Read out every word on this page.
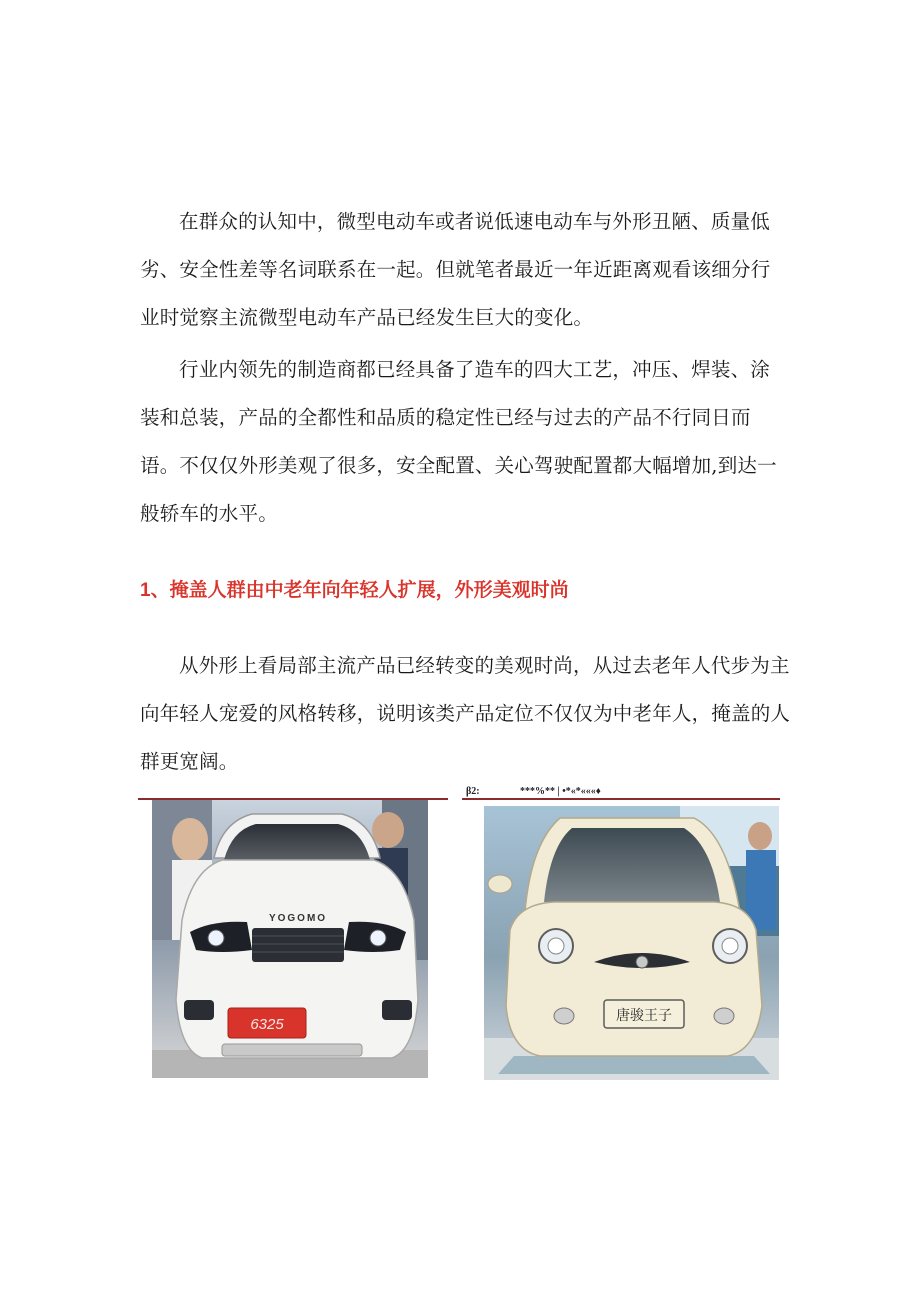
在群众的认知中，微型电动车或者说低速电动车与外形丑陋、质量低
劣、安全性差等名词联系在一起。但就笔者最近一年近距离观看该细分行
业时觉察主流微型电动车产品已经发生巨大的变化。
行业内领先的制造商都已经具备了造车的四大工艺，冲压、焊装、涂
装和总装，产品的全都性和品质的稳定性已经与过去的产品不行同日而
语。不仅仅外形美观了很多，安全配置、关心驾驶配置都大幅增加,到达一
般轿车的水平。
1、掩盖人群由中老年向年轻人扩展，外形美观时尚
从外形上看局部主流产品已经转变的美观时尚，从过去老年人代步为主
向年轻人宠爱的风格转移，说明该类产品定位不仅仅为中老年人，掩盖的人
群更宽阔。
β2:	***%** | •*«*«««♦
YOGOMO
6325	唐骏王子
